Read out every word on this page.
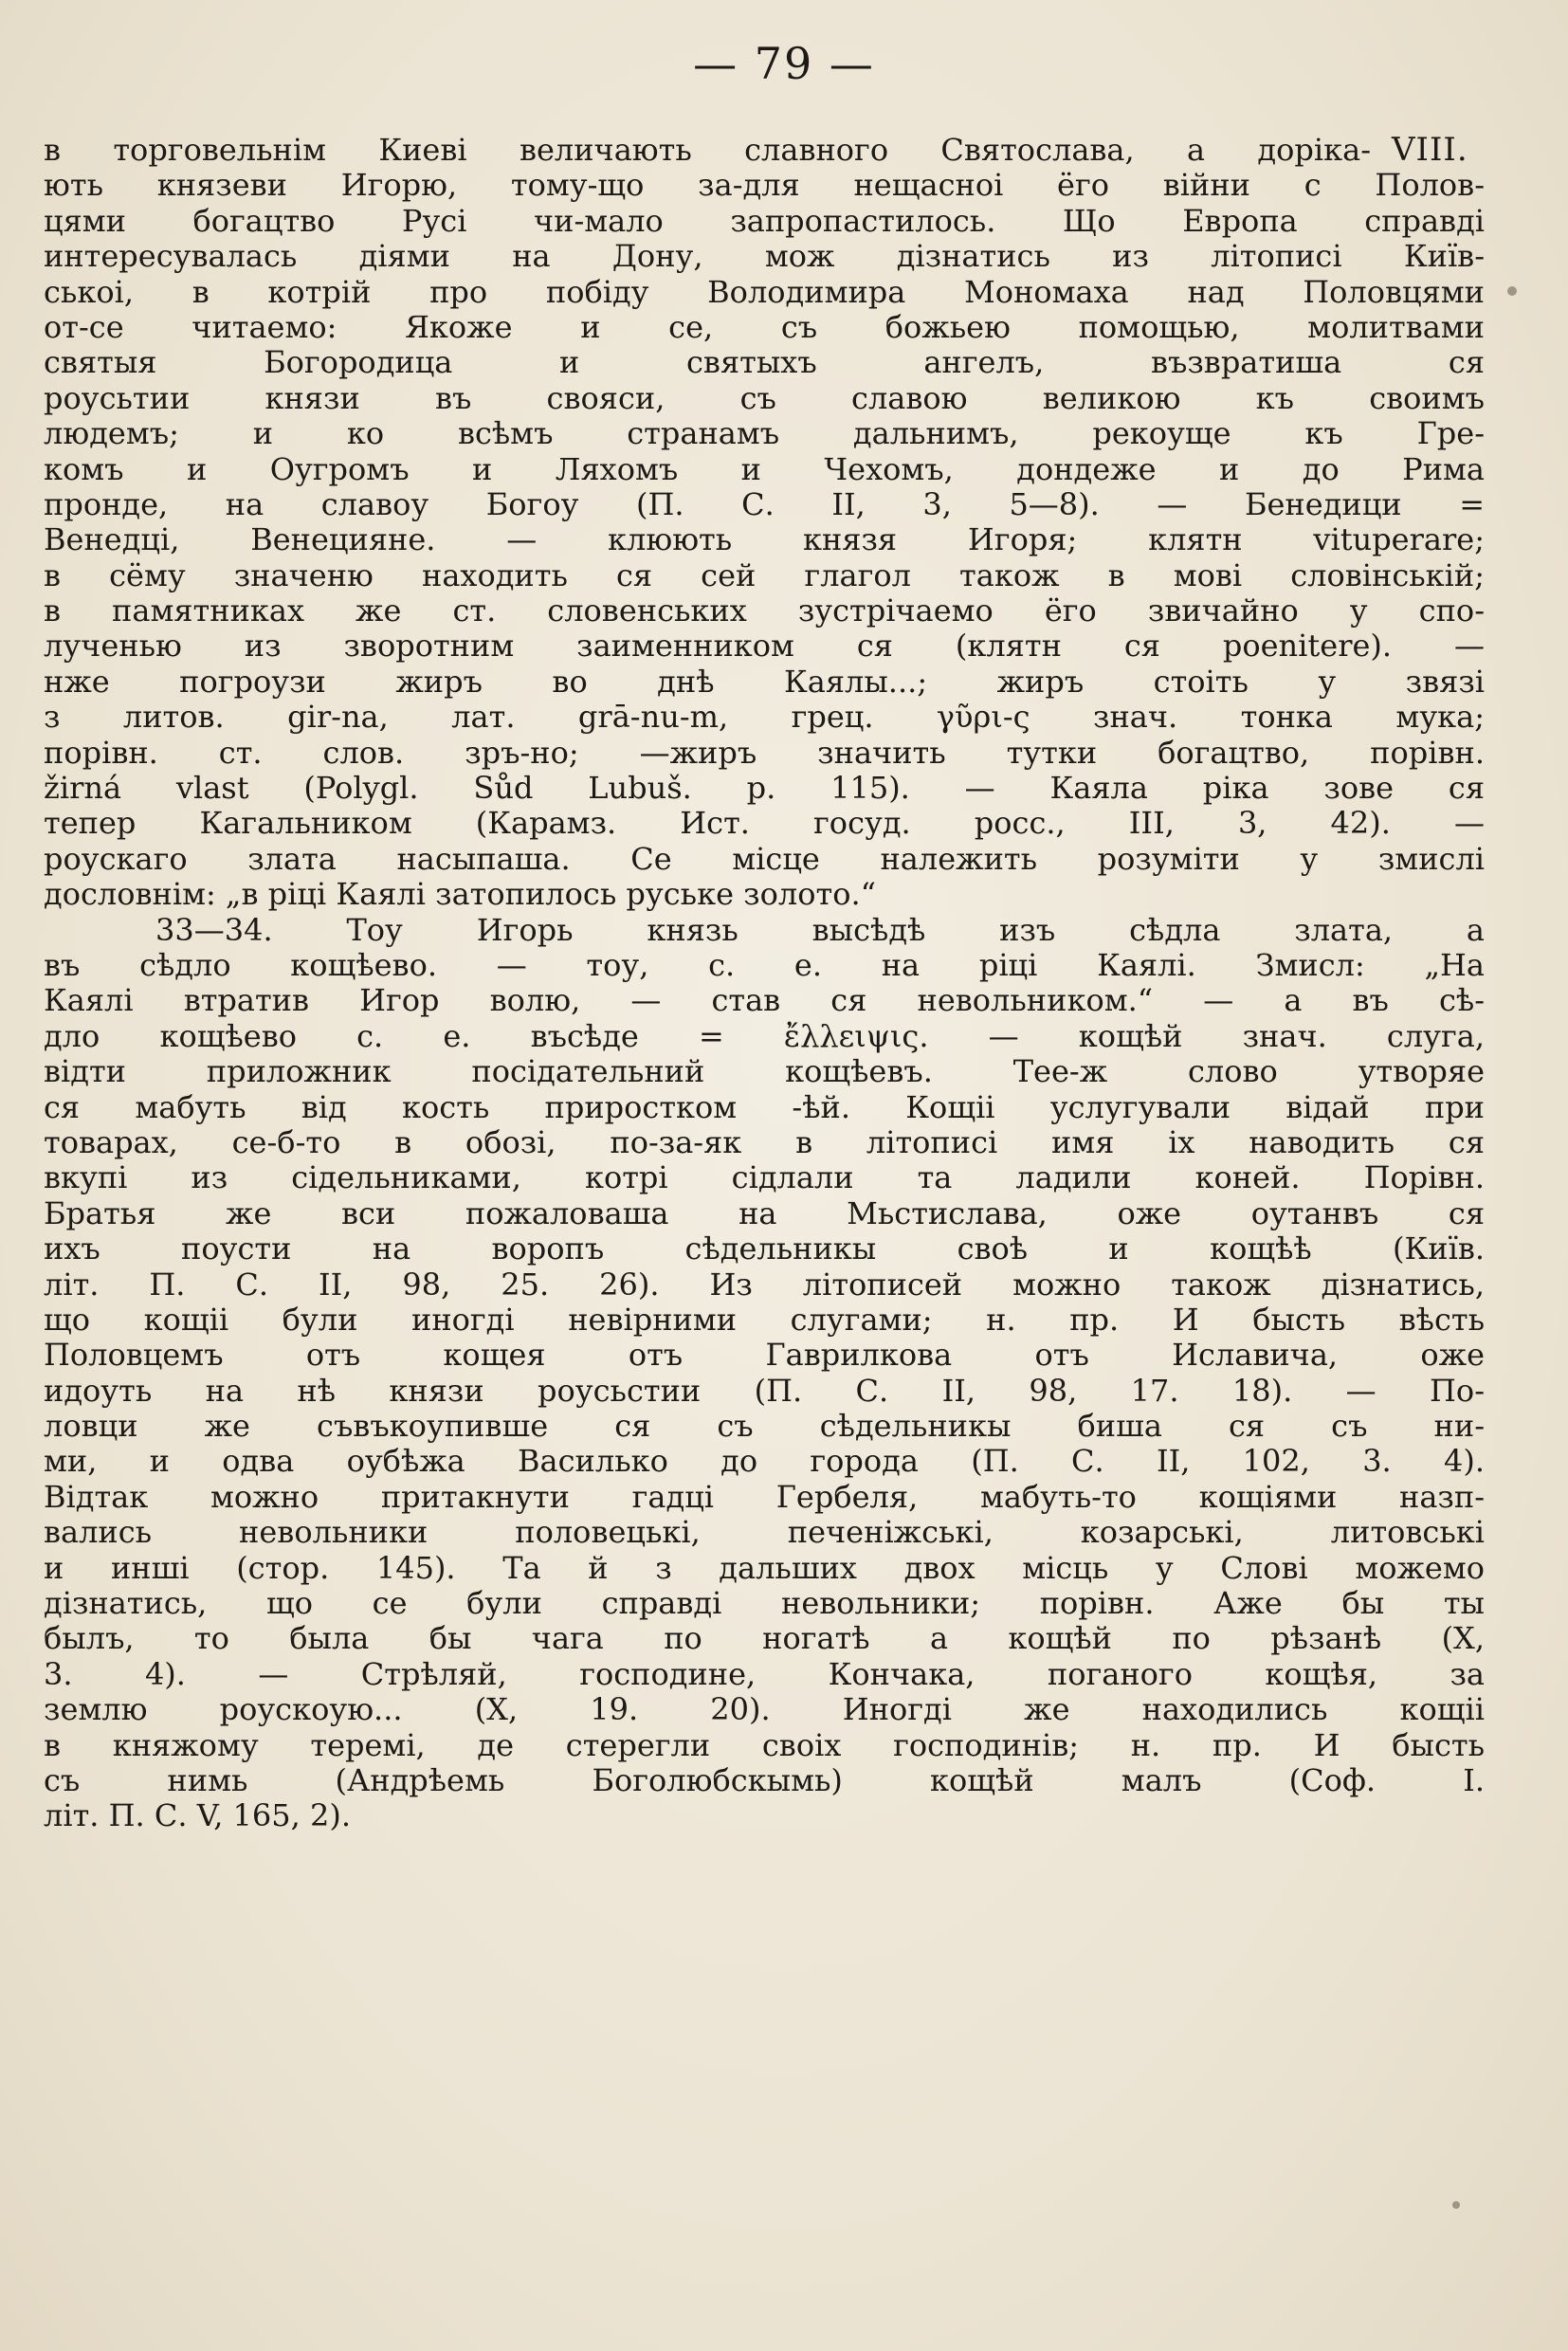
— 79 —
VIII.
в торговельнім Киеві величають славного Святослава, а доріка-
ють князеви Игорю, тому-що за-для нещасноі ёго війни с Полов-
цями богацтво Русі чи-мало запропастилось. Що Европа справді
интересувалась діями на Дону, мож дізнатись из літописі Київ-
ськоі, в котрій про побіду Володимира Мономаха над Половцями
от-се читаемо: Якоже и се, съ божьею помощью, молитвами
святыя Богородица и святыхъ ангелъ, възвратиша ся
роусьтии князи въ свояси, съ славою великою къ своимъ
людемъ; и ко всѣмъ странамъ дальнимъ, рекоуще къ Гре-
комъ и Оугромъ и Ляхомъ и Чехомъ, дондеже и до Рима
пронде, на славоу Богоу (П. С. II, 3, 5—8). — Бенедици =
Венедці, Венецияне. — клюють князя Игоря; клятн vituperare;
в сёму значеню находить ся сей глагол також в мові словінській;
в памятниках же ст. словенських зустрічаемо ёго звичайно у спо-
лученью из зворотним заименником ся (клятн ся poenitere). —
нже погроузи жиръ во днѣ Каялы...; жиръ стоіть у звязі
з литов. gir-na, лат. grā-nu-m, грец. γῦρι-ς знач. тонка мука;
порівн. ст. слов. зръ-но; —жиръ значить тутки богацтво, порівн.
žirná vlast (Polygl. Sůd Lubuš. p. 115). — Каяла ріка зове ся
тепер Кагальником (Карамз. Ист. госуд. росс., III, 3, 42). —
роускаго злата насыпаша. Се місце належить розуміти у змислі
дословнім: „в ріці Каялі затопилось руське золото.“
33—34. Тоу Игорь князь высѣдѣ изъ сѣдла злата, а
въ сѣдло кощѣево. — тоу, с. е. на ріці Каялі. Змисл: „На
Каялі втратив Игор волю, — став ся невольником.“ — а въ сѣ-
дло кощѣево с. е. въсѣде = ἔλλειψις. — кощѣй знач. слуга,
відти приложник посідательний кощѣевъ. Тее-ж слово утворяе
ся мабуть від кость приростком -ѣй. Кощіі услугували відай при
товарах, се-б-то в обозі, по-за-як в літописі имя іх наводить ся
вкупі из сідельниками, котрі сідлали та ладили коней. Порівн.
Братья же вси пожаловаша на Мьстислава, оже оутанвъ ся
ихъ поусти на воропъ сѣдельникы своѣ и кощѣѣ (Київ.
літ. П. С. II, 98, 25. 26). Из літописей можно також дізнатись,
що кощіі були иногді невірними слугами; н. пр. И бысть вѣсть
Половцемъ отъ кощея отъ Гаврилкова отъ Иславича, оже
идоуть на нѣ князи роусьстии (П. С. II, 98, 17. 18). — По-
ловци же съвъкоупивше ся съ сѣдельникы биша ся съ ни-
ми, и одва оубѣжа Василько до города (П. С. II, 102, 3. 4).
Відтак можно притакнути гадці Гербеля, мабуть-то кощіями назп-
вались невольники половецькі, печеніжські, козарські, литовські
и инші (стор. 145). Та й з дальших двох місць у Слові можемо
дізнатись, що се були справді невольники; порівн. Аже бы ты
былъ, то была бы чага по ногатѣ а кощѣй по рѣзанѣ (X,
3. 4). — Стрѣляй, господине, Кончака, поганого кощѣя, за
землю роускоую... (X, 19. 20). Иногді же находились кощіі
в княжому теремі, де стерегли своіх господинів; н. пр. И бысть
съ нимь (Андрѣемь Боголюбскымь) кощѣй малъ (Соф. I.
літ. П. С. V, 165, 2).
